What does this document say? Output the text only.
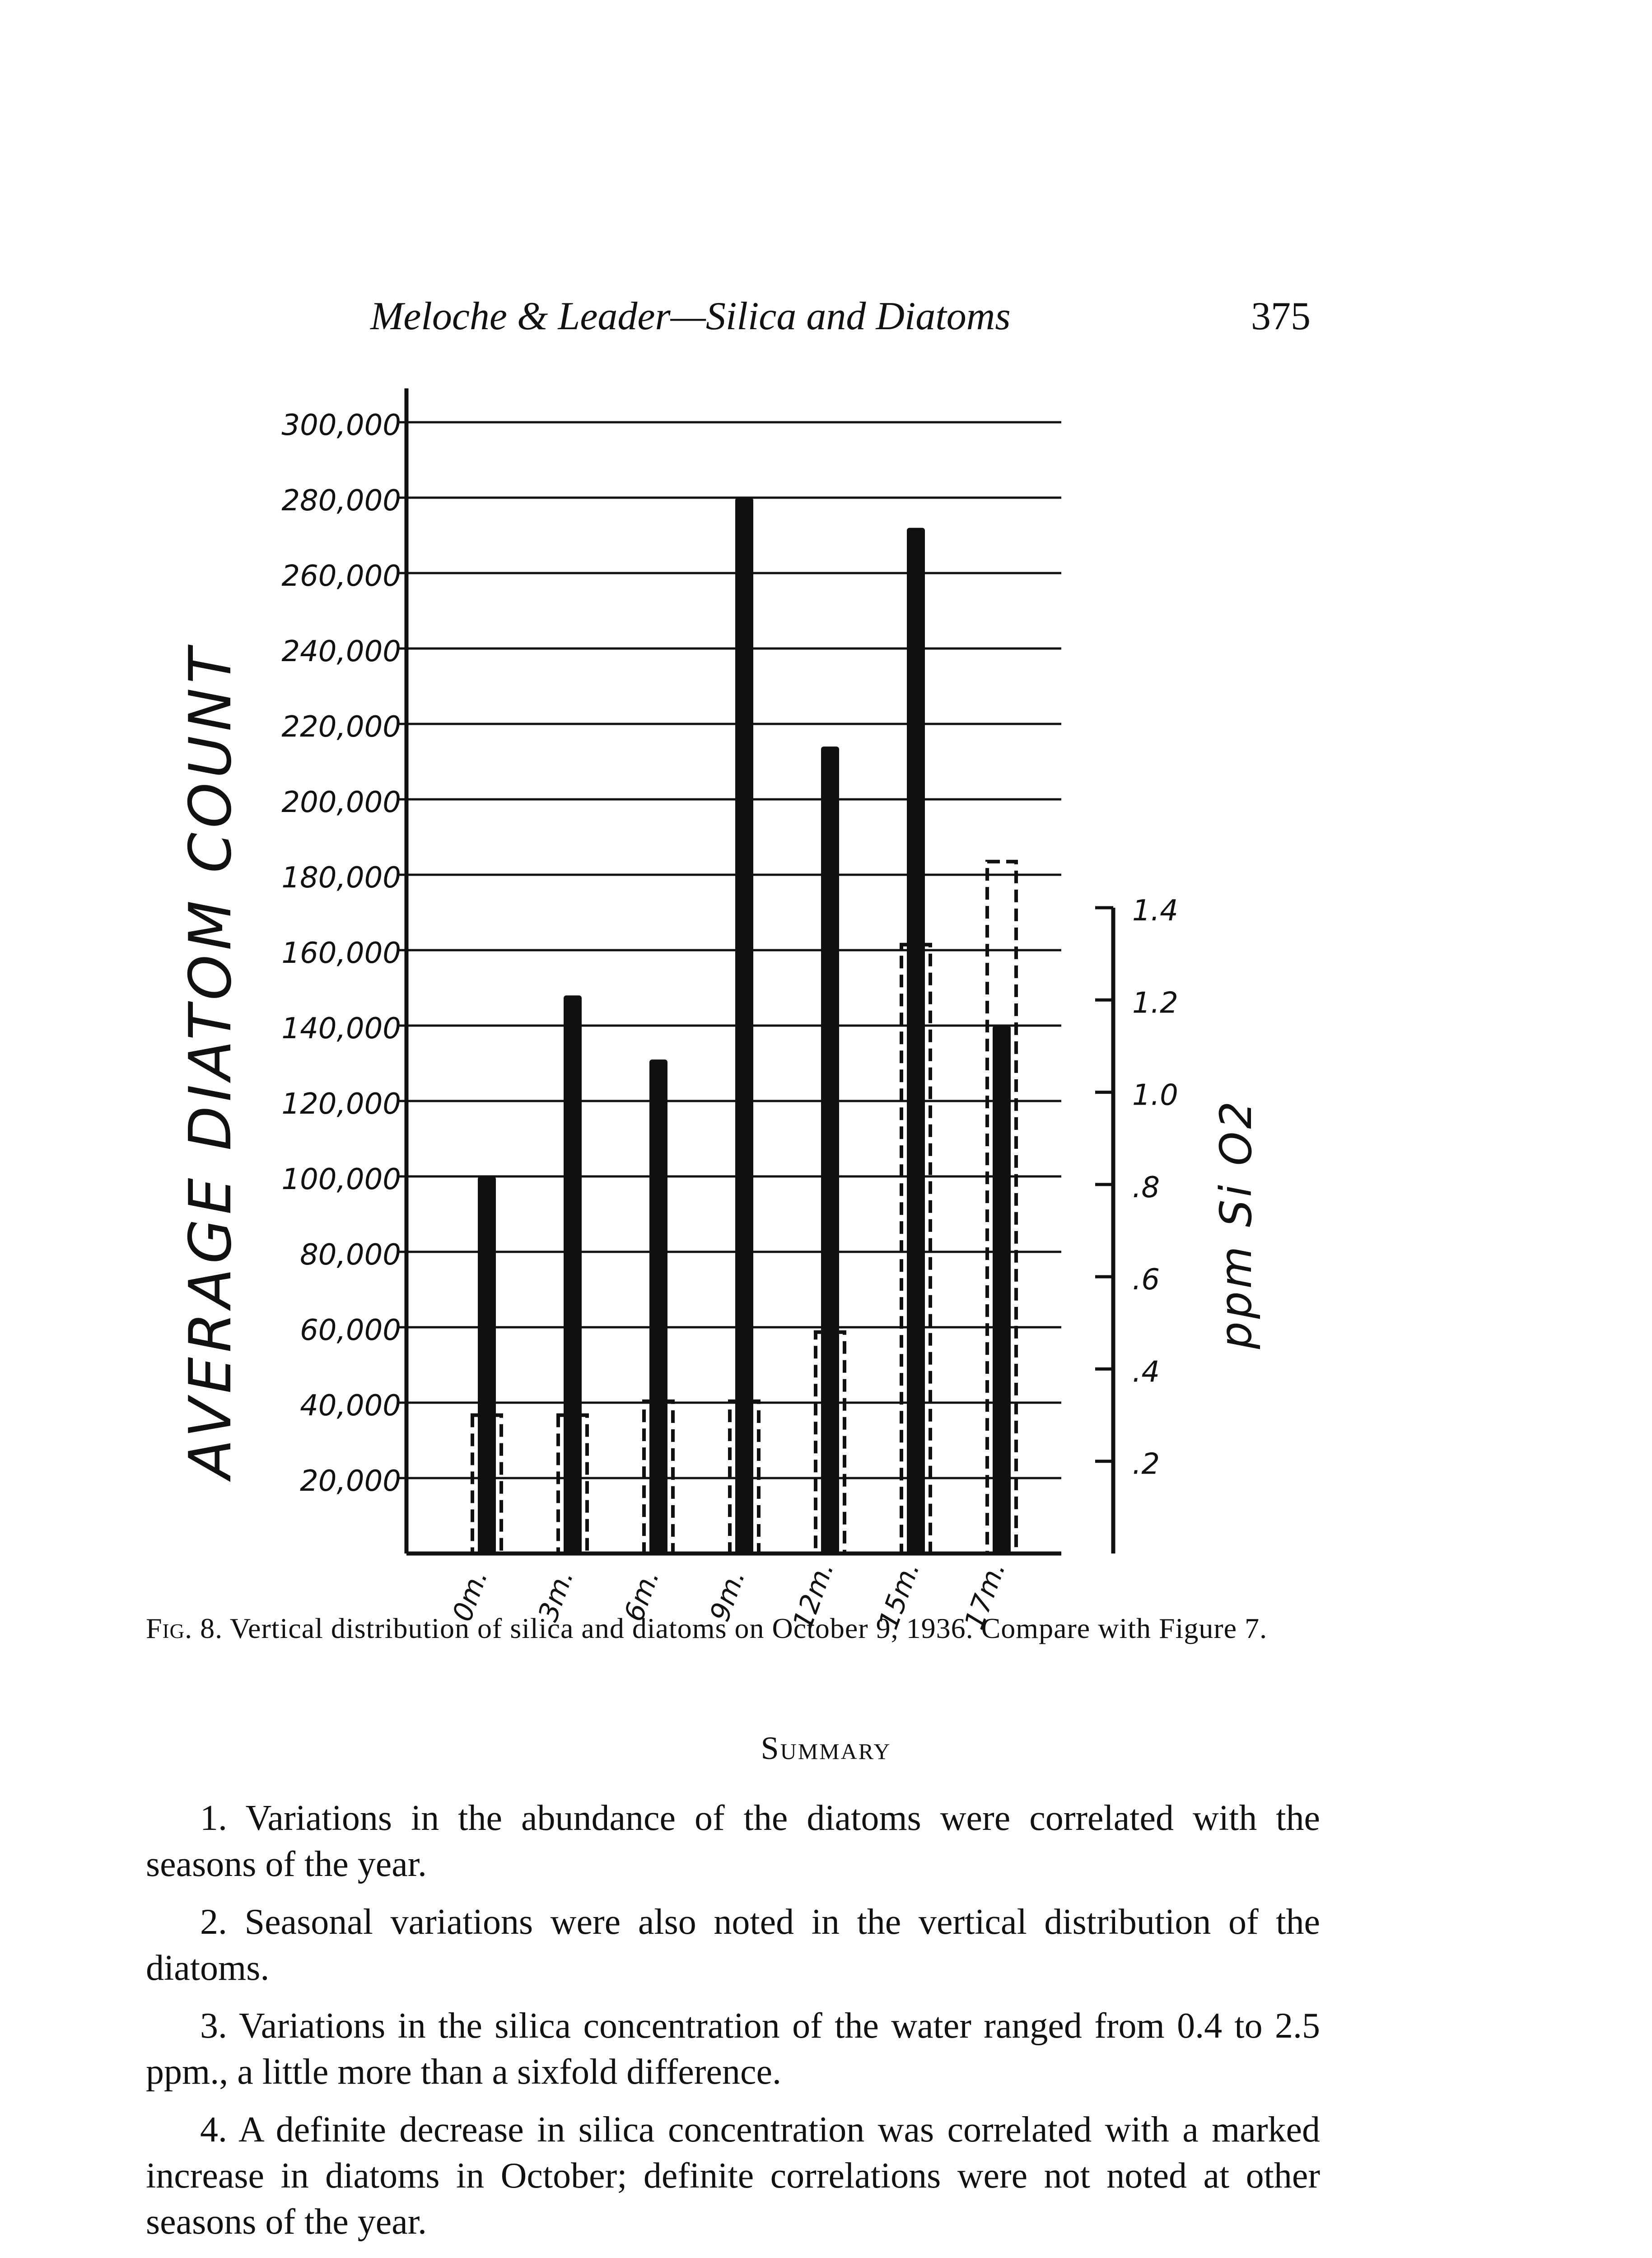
Meloche & Leader—Silica and Diatoms	375
20,000
40,000
60,000
80,000
100,000
120,000
140,000
160,000
180,000
200,000
220,000
240,000
260,000
280,000
300,000
0m. 3m. 6m. 9m. 12m. 15m. 17m.
.2
.4
.6
.8
1.0
1.2
1.4
AVERAGE DIATOM COUNT	ppm Si O2
Fig. 8. Vertical distribution of silica and diatoms on October 9, 1936. Compare with Figure 7.
Summary

1. Variations in the abundance of the diatoms were correlated with the seasons of the year.

2. Seasonal variations were also noted in the vertical distribution of the diatoms.

3. Variations in the silica concentration of the water ranged from 0.4 to 2.5 ppm., a little more than a sixfold difference.

4. A definite decrease in silica concentration was correlated with a marked increase in diatoms in October; definite correlations were not noted at other seasons of the year.
